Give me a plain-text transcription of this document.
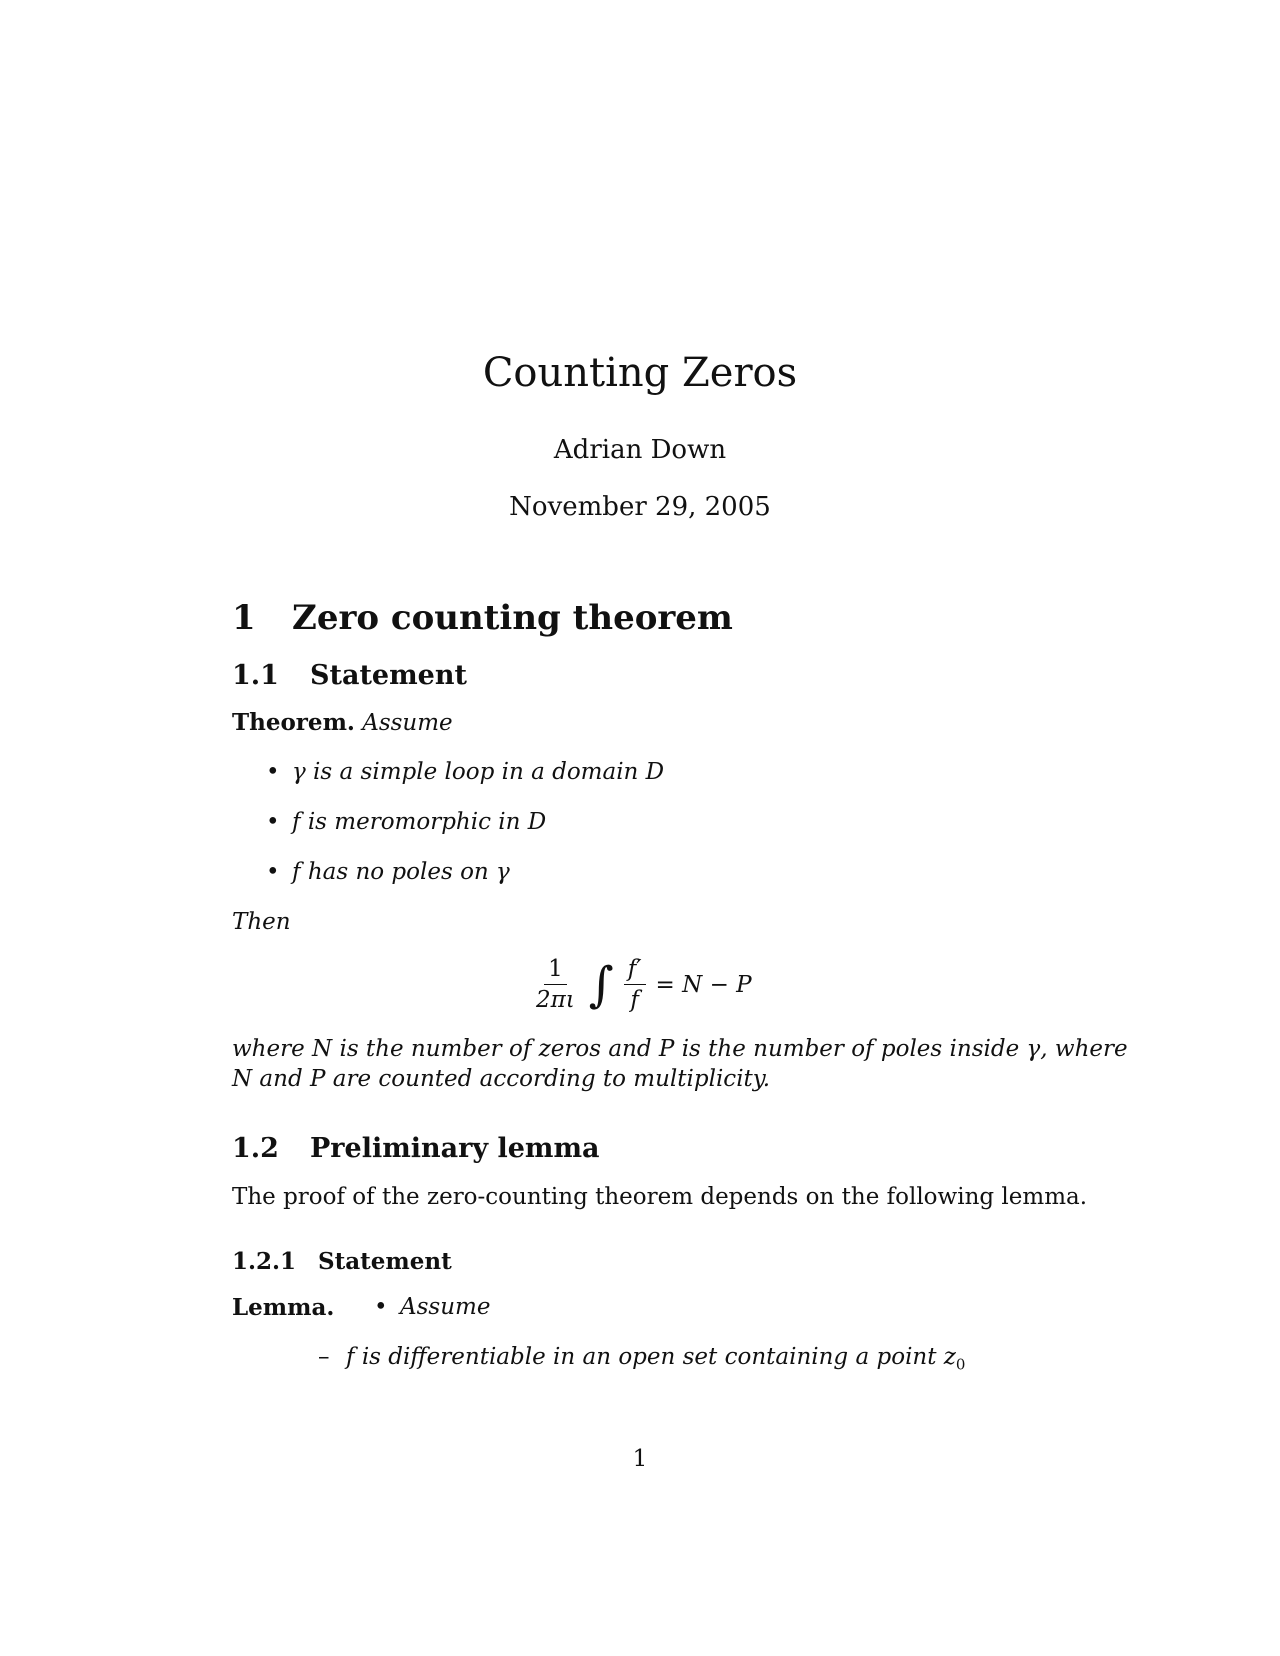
Counting Zeros
Adrian Down
November 29, 2005
1 Zero counting theorem
1.1 Statement
Theorem. Assume
• γ is a simple loop in a domain D
• f is meromorphic in D
• f has no poles on γ
Then
$\frac{1}{2\pi\iota}$ ∫ $\frac{f'}{f} = N - P$
where N is the number of zeros and P is the number of poles inside γ, where
N and P are counted according to multiplicity.
1.2 Preliminary lemma
The proof of the zero-counting theorem depends on the following lemma.
1.2.1 Statement
Lemma. • Assume
– f is differentiable in an open set containing a point $z_0$
1
